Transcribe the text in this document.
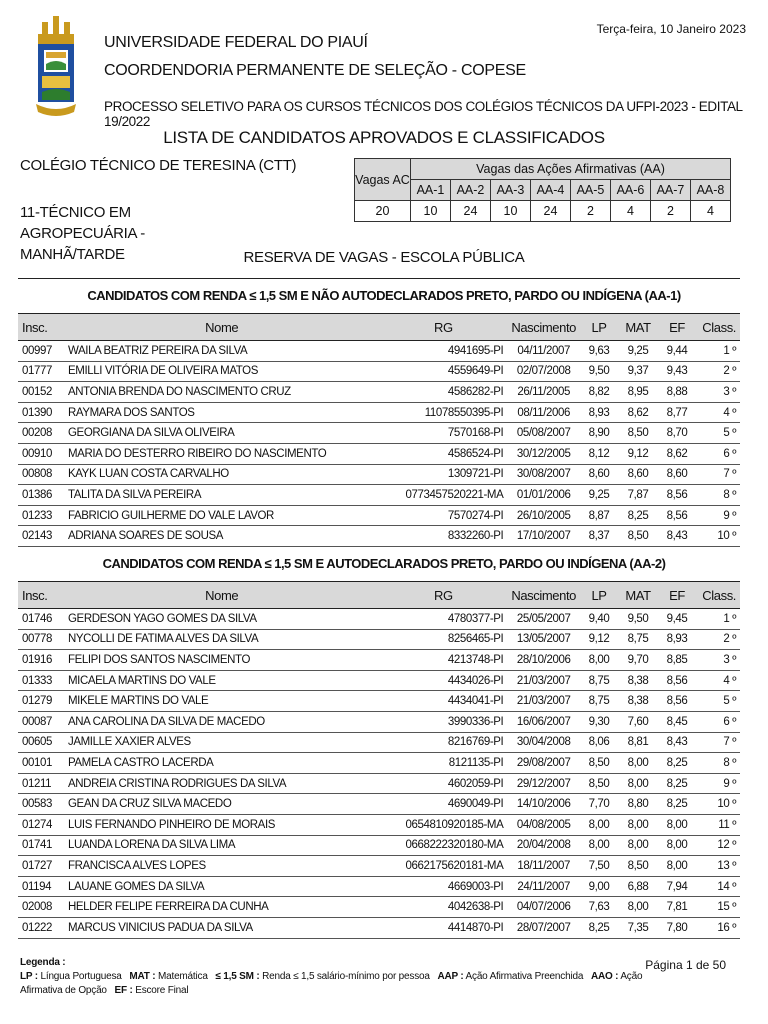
Terça-feira, 10 Janeiro 2023
UNIVERSIDADE FEDERAL DO PIAUÍ
COORDENDORIA PERMANENTE DE SELEÇÃO - COPESE
PROCESSO SELETIVO PARA OS CURSOS TÉCNICOS DOS COLÉGIOS TÉCNICOS DA UFPI-2023 - EDITAL 19/2022
LISTA DE CANDIDATOS APROVADOS E CLASSIFICADOS
COLÉGIO TÉCNICO DE TERESINA (CTT)
11-TÉCNICO EM AGROPECUÁRIA - MANHÃ/TARDE
Vagas AC	Vagas das Ações Afirmativas (AA)							
	AA-1	AA-2	AA-3	AA-4	AA-5	AA-6	AA-7	AA-8
20	10	24	10	24	2	4	2	4
RESERVA DE VAGAS - ESCOLA PÚBLICA
CANDIDATOS COM RENDA ≤ 1,5 SM E NÃO AUTODECLARADOS PRETO, PARDO OU INDÍGENA (AA-1)
Insc.	Nome	RG	Nascimento	LP	MAT	EF	Class.
00997	WAILA BEATRIZ PEREIRA DA SILVA	4941695-PI	04/11/2007	9,63	9,25	9,44	1 º
01777	EMILLI VITÓRIA DE OLIVEIRA MATOS	4559649-PI	02/07/2008	9,50	9,37	9,43	2 º
00152	ANTONIA BRENDA DO NASCIMENTO CRUZ	4586282-PI	26/11/2005	8,82	8,95	8,88	3 º
01390	RAYMARA DOS SANTOS	11078550395-PI	08/11/2006	8,93	8,62	8,77	4 º
00208	GEORGIANA DA SILVA OLIVEIRA	7570168-PI	05/08/2007	8,90	8,50	8,70	5 º
00910	MARIA DO DESTERRO RIBEIRO DO NASCIMENTO	4586524-PI	30/12/2005	8,12	9,12	8,62	6 º
00808	KAYK LUAN COSTA CARVALHO	1309721-PI	30/08/2007	8,60	8,60	8,60	7 º
01386	TALITA DA SILVA PEREIRA	0773457520221-MA	01/01/2006	9,25	7,87	8,56	8 º
01233	FABRICIO GUILHERME DO VALE LAVOR	7570274-PI	26/10/2005	8,87	8,25	8,56	9 º
02143	ADRIANA SOARES DE SOUSA	8332260-PI	17/10/2007	8,37	8,50	8,43	10 º
CANDIDATOS COM RENDA ≤ 1,5 SM E AUTODECLARADOS PRETO, PARDO OU INDÍGENA (AA-2)
Insc.	Nome	RG	Nascimento	LP	MAT	EF	Class.
01746	GERDESON YAGO GOMES DA SILVA	4780377-PI	25/05/2007	9,40	9,50	9,45	1 º
00778	NYCOLLI DE FATIMA ALVES DA SILVA	8256465-PI	13/05/2007	9,12	8,75	8,93	2 º
01916	FELIPI DOS SANTOS NASCIMENTO	4213748-PI	28/10/2006	8,00	9,70	8,85	3 º
01333	MICAELA MARTINS DO VALE	4434026-PI	21/03/2007	8,75	8,38	8,56	4 º
01279	MIKELE MARTINS DO VALE	4434041-PI	21/03/2007	8,75	8,38	8,56	5 º
00087	ANA CAROLINA DA SILVA DE MACEDO	3990336-PI	16/06/2007	9,30	7,60	8,45	6 º
00605	JAMILLE XAXIER ALVES	8216769-PI	30/04/2008	8,06	8,81	8,43	7 º
00101	PAMELA CASTRO LACERDA	8121135-PI	29/08/2007	8,50	8,00	8,25	8 º
01211	ANDREIA CRISTINA RODRIGUES DA SILVA	4602059-PI	29/12/2007	8,50	8,00	8,25	9 º
00583	GEAN DA CRUZ SILVA MACEDO	4690049-PI	14/10/2006	7,70	8,80	8,25	10 º
01274	LUIS FERNANDO PINHEIRO DE MORAIS	0654810920185-MA	04/08/2005	8,00	8,00	8,00	11 º
01741	LUANDA LORENA DA SILVA LIMA	0668222320180-MA	20/04/2008	8,00	8,00	8,00	12 º
01727	FRANCISCA ALVES LOPES	0662175620181-MA	18/11/2007	7,50	8,50	8,00	13 º
01194	LAUANE GOMES DA SILVA	4669003-PI	24/11/2007	9,00	6,88	7,94	14 º
02008	HELDER FELIPE FERREIRA DA CUNHA	4042638-PI	04/07/2006	7,63	8,00	7,81	15 º
01222	MARCUS VINICIUS PADUA DA SILVA	4414870-PI	28/07/2007	8,25	7,35	7,80	16 º
Legenda :
LP : Língua Portuguesa MAT : Matemática ≤ 1,5 SM : Renda ≤ 1,5 salário-mínimo por pessoa AAP : Ação Afirmativa Preenchida AAO : Ação Afirmativa de Opção EF : Escore Final
Página 1 de 50
